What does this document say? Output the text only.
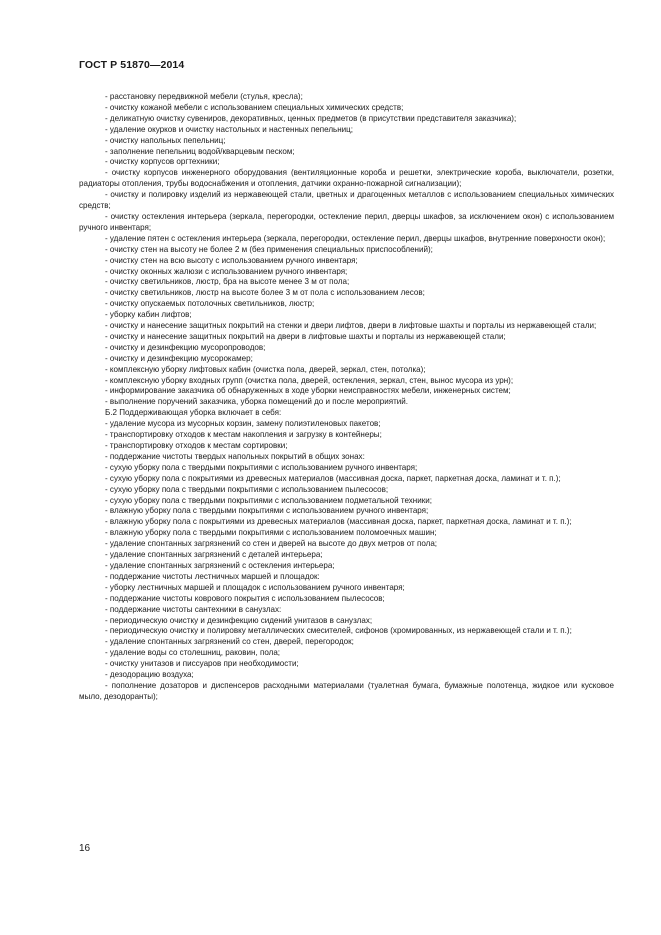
ГОСТ Р 51870—2014

- расстановку передвижной мебели (стулья, кресла);

- очистку кожаной мебели с использованием специальных химических средств;

- деликатную очистку сувениров, декоративных, ценных предметов (в присутствии представителя заказчика);

- удаление окурков и очистку настольных и настенных пепельниц;

- очистку напольных пепельниц;

- заполнение пепельниц водой/кварцевым песком;

- очистку корпусов оргтехники;

- очистку корпусов инженерного оборудования (вентиляционные короба и решетки, электрические короба, выключатели, розетки, радиаторы отопления, трубы водоснабжения и отопления, датчики охранно-пожарной сигнализации);

- очистку и полировку изделий из нержавеющей стали, цветных и драгоценных металлов с использованием специальных химических средств;

- очистку остекления интерьера (зеркала, перегородки, остекление перил, дверцы шкафов, за исключением окон) с использованием ручного инвентаря;

- удаление пятен с остекления интерьера (зеркала, перегородки, остекление перил, дверцы шкафов, внутренние поверхности окон);

- очистку стен на высоту не более 2 м (без применения специальных приспособлений);

- очистку стен на всю высоту с использованием ручного инвентаря;

- очистку оконных жалюзи с использованием ручного инвентаря;

- очистку светильников, люстр, бра на высоте менее 3 м от пола;

- очистку светильников, люстр на высоте более 3 м от пола с использованием лесов;

- очистку опускаемых потолочных светильников, люстр;

- уборку кабин лифтов;

- очистку и нанесение защитных покрытий на стенки и двери лифтов, двери в лифтовые шахты и порталы из нержавеющей стали;

- очистку и нанесение защитных покрытий на двери в лифтовые шахты и порталы из нержавеющей стали;

- очистку и дезинфекцию мусоропроводов;

- очистку и дезинфекцию мусорокамер;

- комплексную уборку лифтовых кабин (очистка пола, дверей, зеркал, стен, потолка);

- комплексную уборку входных групп (очистка пола, дверей, остекления, зеркал, стен, вынос мусора из урн);

- информирование заказчика об обнаруженных в ходе уборки неисправностях мебели, инженерных систем;

- выполнение поручений заказчика, уборка помещений до и после мероприятий.

Б.2 Поддерживающая уборка включает в себя:

- удаление мусора из мусорных корзин, замену полиэтиленовых пакетов;

- транспортировку отходов к местам накопления и загрузку в контейнеры;

- транспортировку отходов к местам сортировки;

- поддержание чистоты твердых напольных покрытий в общих зонах:

- сухую уборку пола с твердыми покрытиями с использованием ручного инвентаря;

- сухую уборку пола с покрытиями из древесных материалов (массивная доска, паркет, паркетная доска, ламинат и т. п.);

- сухую уборку пола с твердыми покрытиями с использованием пылесосов;

- сухую уборку пола с твердыми покрытиями с использованием подметальной техники;

- влажную уборку пола с твердыми покрытиями с использованием ручного инвентаря;

- влажную уборку пола с покрытиями из древесных материалов (массивная доска, паркет, паркетная доска, ламинат и т. п.);

- влажную уборку пола с твердыми покрытиями с использованием поломоечных машин;

- удаление спонтанных загрязнений со стен и дверей на высоте до двух метров от пола;

- удаление спонтанных загрязнений с деталей интерьера;

- удаление спонтанных загрязнений с остекления интерьера;

- поддержание чистоты лестничных маршей и площадок:

- уборку лестничных маршей и площадок с использованием ручного инвентаря;

- поддержание чистоты коврового покрытия с использованием пылесосов;

- поддержание чистоты сантехники в санузлах:

- периодическую очистку и дезинфекцию сидений унитазов в санузлах;

- периодическую очистку и полировку металлических смесителей, сифонов (хромированных, из нержавеющей стали и т. п.);

- удаление спонтанных загрязнений со стен, дверей, перегородок;

- удаление воды со столешниц, раковин, пола;

- очистку унитазов и писсуаров при необходимости;

- дезодорацию воздуха;

- пополнение дозаторов и диспенсеров расходными материалами (туалетная бумага, бумажные полотенца, жидкое или кусковое мыло, дезодоранты);

16
